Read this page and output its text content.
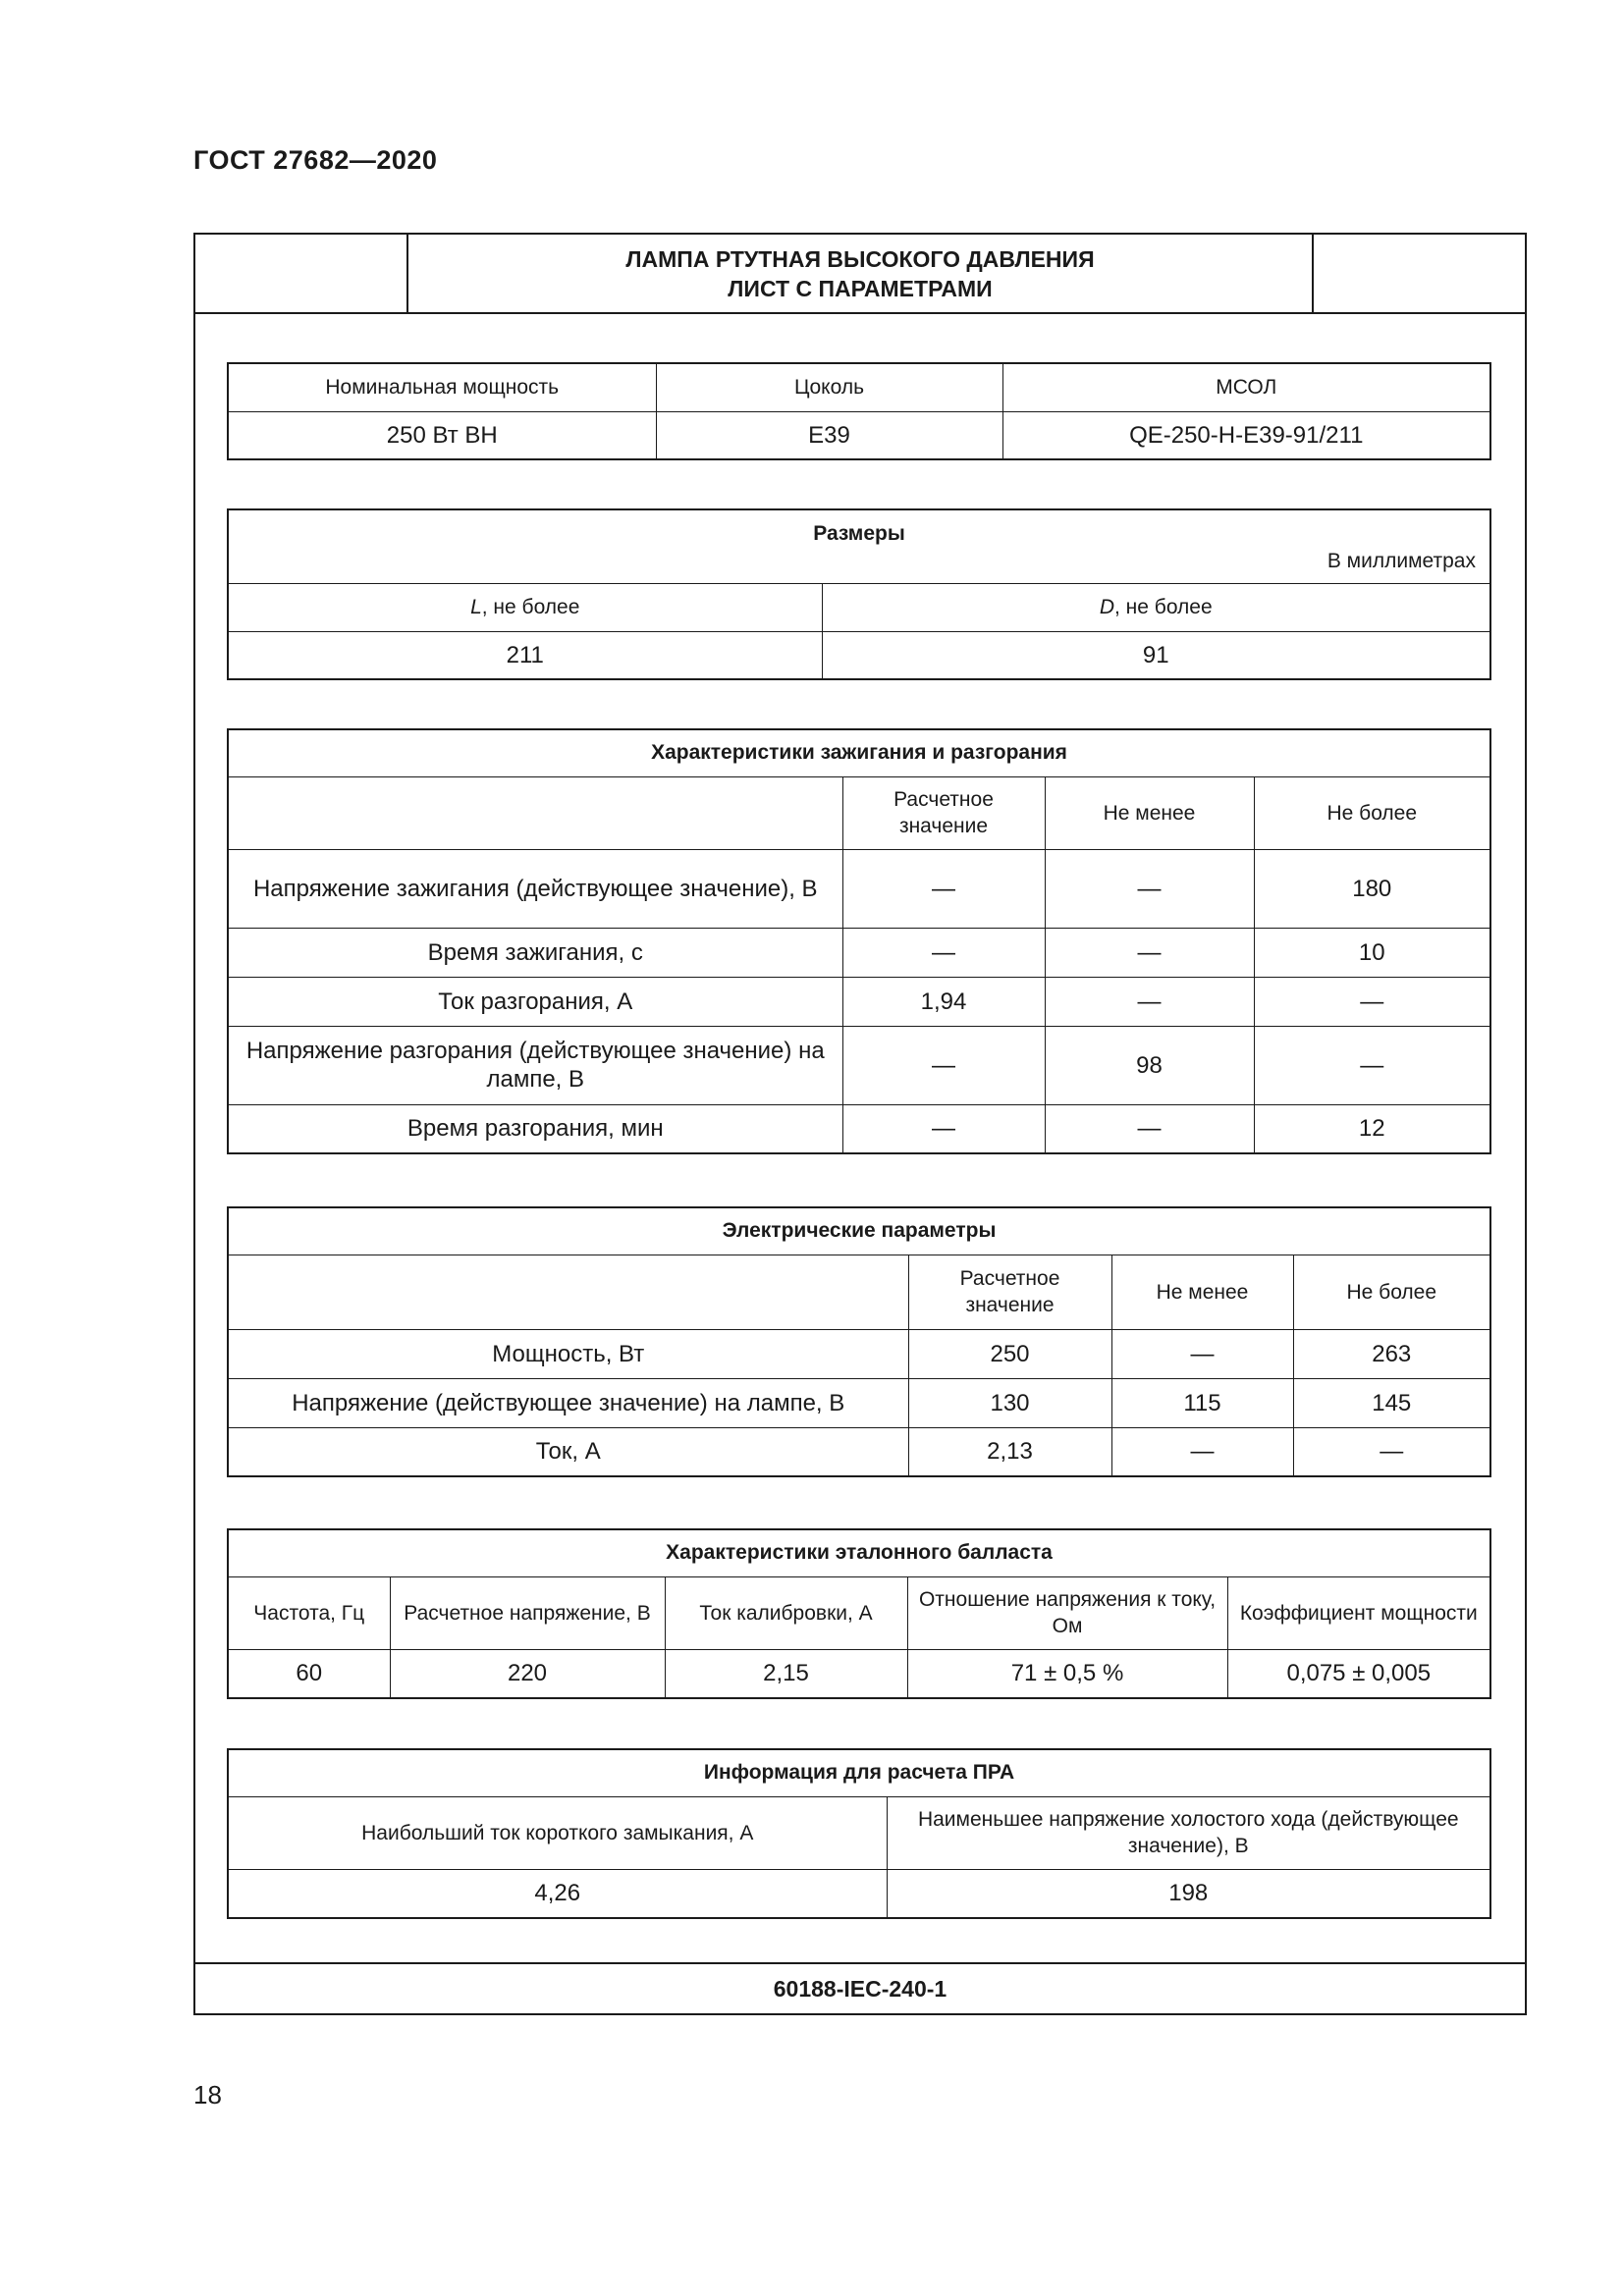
ГОСТ 27682—2020
ЛАМПА РТУТНАЯ ВЫСОКОГО ДАВЛЕНИЯ
ЛИСТ С ПАРАМЕТРАМИ
Номинальная мощность	Цоколь	МСОЛ
250 Вт ВН	E39	QE-250-H-E39-91/211
Размеры
В миллиметрах	

L, не более	D, не более
211	91
Характеристики зажигания и разгорания			
	Расчетное значение	Не менее	Не более
Напряжение зажигания (действующее значение), В	—	—	180
Время зажигания, с	—	—	10
Ток разгорания, А	1,94	—	—
Напряжение разгорания (действующее значение) на лампе, В	—	98	—
Время разгорания, мин	—	—	12
Электрические параметры			
	Расчетное значение	Не менее	Не более
Мощность, Вт	250	—	263
Напряжение (действующее значение) на лампе, В	130	115	145
Ток, А	2,13	—	—
Характеристики эталонного балласта				
Частота, Гц	Расчетное напряжение, В	Ток калибровки, А	Отношение напряжения к току, Ом	Коэффициент мощности
60	220	2,15	71 ± 0,5 %	0,075 ± 0,005
Информация для расчета ПРА	
Наибольший ток короткого замыкания, А	Наименьшее напряжение холостого хода (действующее значение), В
4,26	198
60188-IEC-240-1
18
